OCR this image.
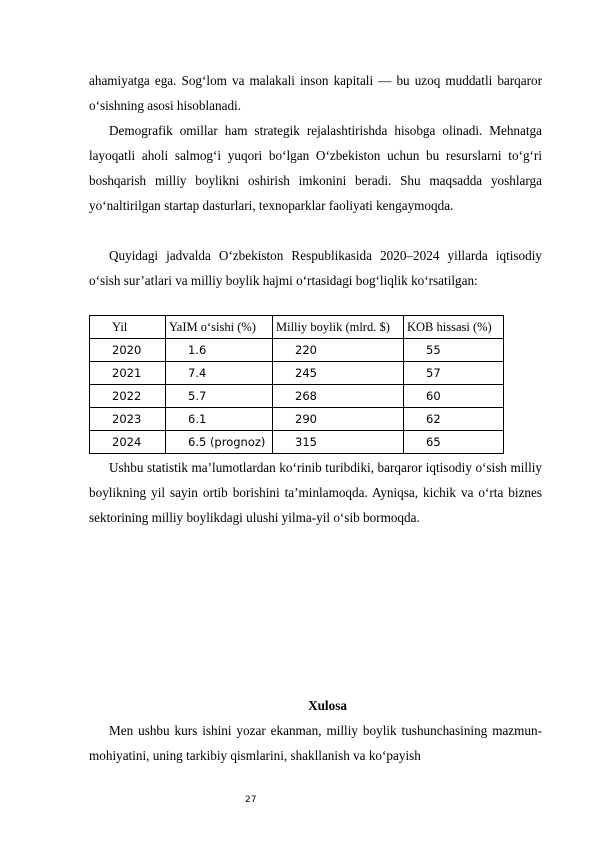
ahamiyatga ega. Sog‘lom va malakali inson kapitali — bu uzoq muddatli barqaror o‘sishning asosi hisoblanadi.

Demografik omillar ham strategik rejalashtirishda hisobga olinadi. Mehnatga layoqatli aholi salmog‘i yuqori bo‘lgan O‘zbekiston uchun bu resurslarni to‘g‘ri boshqarish milliy boylikni oshirish imkonini beradi. Shu maqsadda yoshlarga yo‘naltirilgan startap dasturlari, texnoparklar faoliyati kengaymoqda.

Quyidagi jadvalda O‘zbekiston Respublikasida 2020–2024 yillarda iqtisodiy o‘sish sur’atlari va milliy boylik hajmi o‘rtasidagi bog‘liqlik ko‘rsatilgan:

Yil	YaIM o‘sishi (%)	Milliy boylik (mlrd. $)	KOB hissasi (%)
2020	1.6	220	55
2021	7.4	245	57
2022	5.7	268	60
2023	6.1	290	62
2024	6.5 (prognoz)	315	65

Ushbu statistik ma’lumotlardan ko‘rinib turibdiki, barqaror iqtisodiy o‘sish milliy boylikning yil sayin ortib borishini ta’minlamoqda. Ayniqsa, kichik va o‘rta biznes sektorining milliy boylikdagi ulushi yilma-yil o‘sib bormoqda.

Xulosa

Men ushbu kurs ishini yozar ekanman, milliy boylik tushunchasining mazmun-mohiyatini, uning tarkibiy qismlarini, shakllanish va ko‘payish

27
